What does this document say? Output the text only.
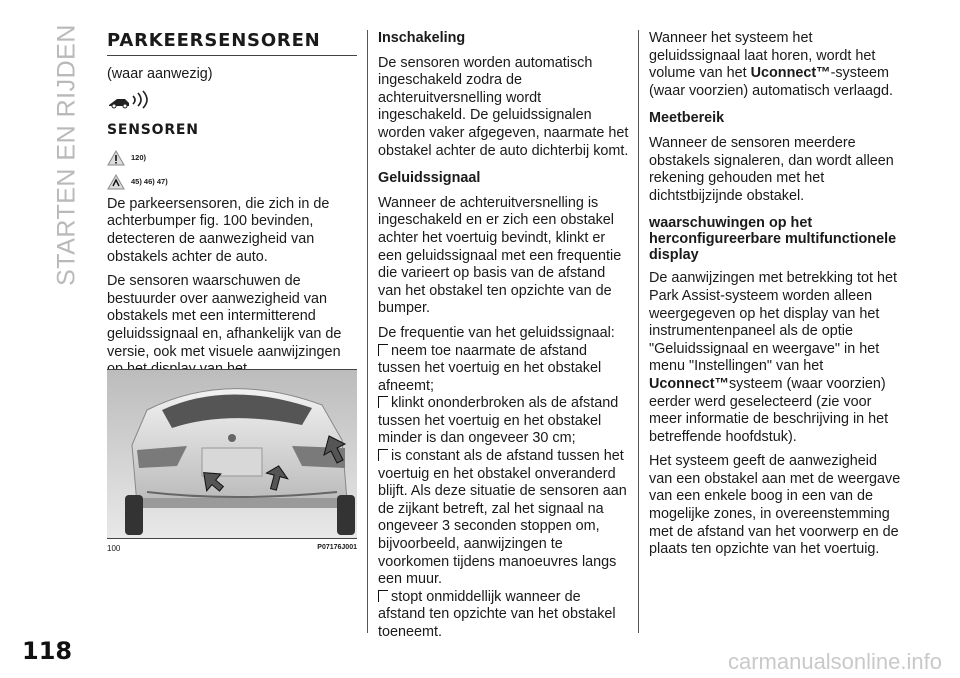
STARTEN EN RIJDEN
118	carmanualsonline.info
PARKEERSENSOREN

(waar aanwezig)

SENSOREN
120)
45) 46) 47)

De parkeersensoren, die zich in de achterbumper fig. 100 bevinden, detecteren de aanwezigheid van obstakels achter de auto.

De sensoren waarschuwen de bestuurder over aanwezigheid van obstakels met een intermitterend geluidssignaal en, afhankelijk van de versie, ook met visuele aanwijzingen

100	P07176J001

Inschakeling

De sensoren worden automatisch ingeschakeld zodra de achteruitversnelling wordt ingeschakeld. De geluidssignalen worden vaker afgegeven, naarmate het obstakel achter de auto dichterbij komt.

Geluidssignaal

Wanneer de achteruitversnelling is ingeschakeld en er zich een obstakel achter het voertuig bevindt, klinkt er een geluidssignaal met een frequentie die varieert op basis van de afstand van het obstakel ten opzichte van de bumper.

De frequentie van het geluidssignaal:

neem toe naarmate de afstand tussen het voertuig en het obstakel afneemt;
klinkt ononderbroken als de afstand tussen het voertuig en het obstakel minder is dan ongeveer 30 cm;
is constant als de afstand tussen het voertuig en het obstakel onveranderd blijft. Als deze situatie de sensoren aan de zijkant betreft, zal het signaal na ongeveer 3 seconden stoppen om, bijvoorbeeld, aanwijzingen te voorkomen tijdens manoeuvres langs een muur.
stopt onmiddellijk wanneer de afstand ten opzichte van het obstakel toeneemt.

Wanneer het systeem het geluidssignaal laat horen, wordt het volume van het Uconnect™-systeem (waar voorzien) automatisch verlaagd.

Meetbereik

Wanneer de sensoren meerdere obstakels signaleren, dan wordt alleen rekening gehouden met het dichtstbijzijnde obstakel.

waarschuwingen op het herconfigureerbare multifunctionele display

De aanwijzingen met betrekking tot het Park Assist-systeem worden alleen weergegeven op het display van het instrumentenpaneel als de optie "Geluidssignaal en weergave" in het menu "Instellingen" van het Uconnect™systeem (waar voorzien) eerder werd geselecteerd (zie voor meer informatie de beschrijving in het betreffende hoofdstuk).

Het systeem geeft de aanwezigheid van een obstakel aan met de weergave van een enkele boog in een van de mogelijke zones, in overeenstemming met de afstand van het voorwerp en de plaats ten opzichte van het voertuig.
